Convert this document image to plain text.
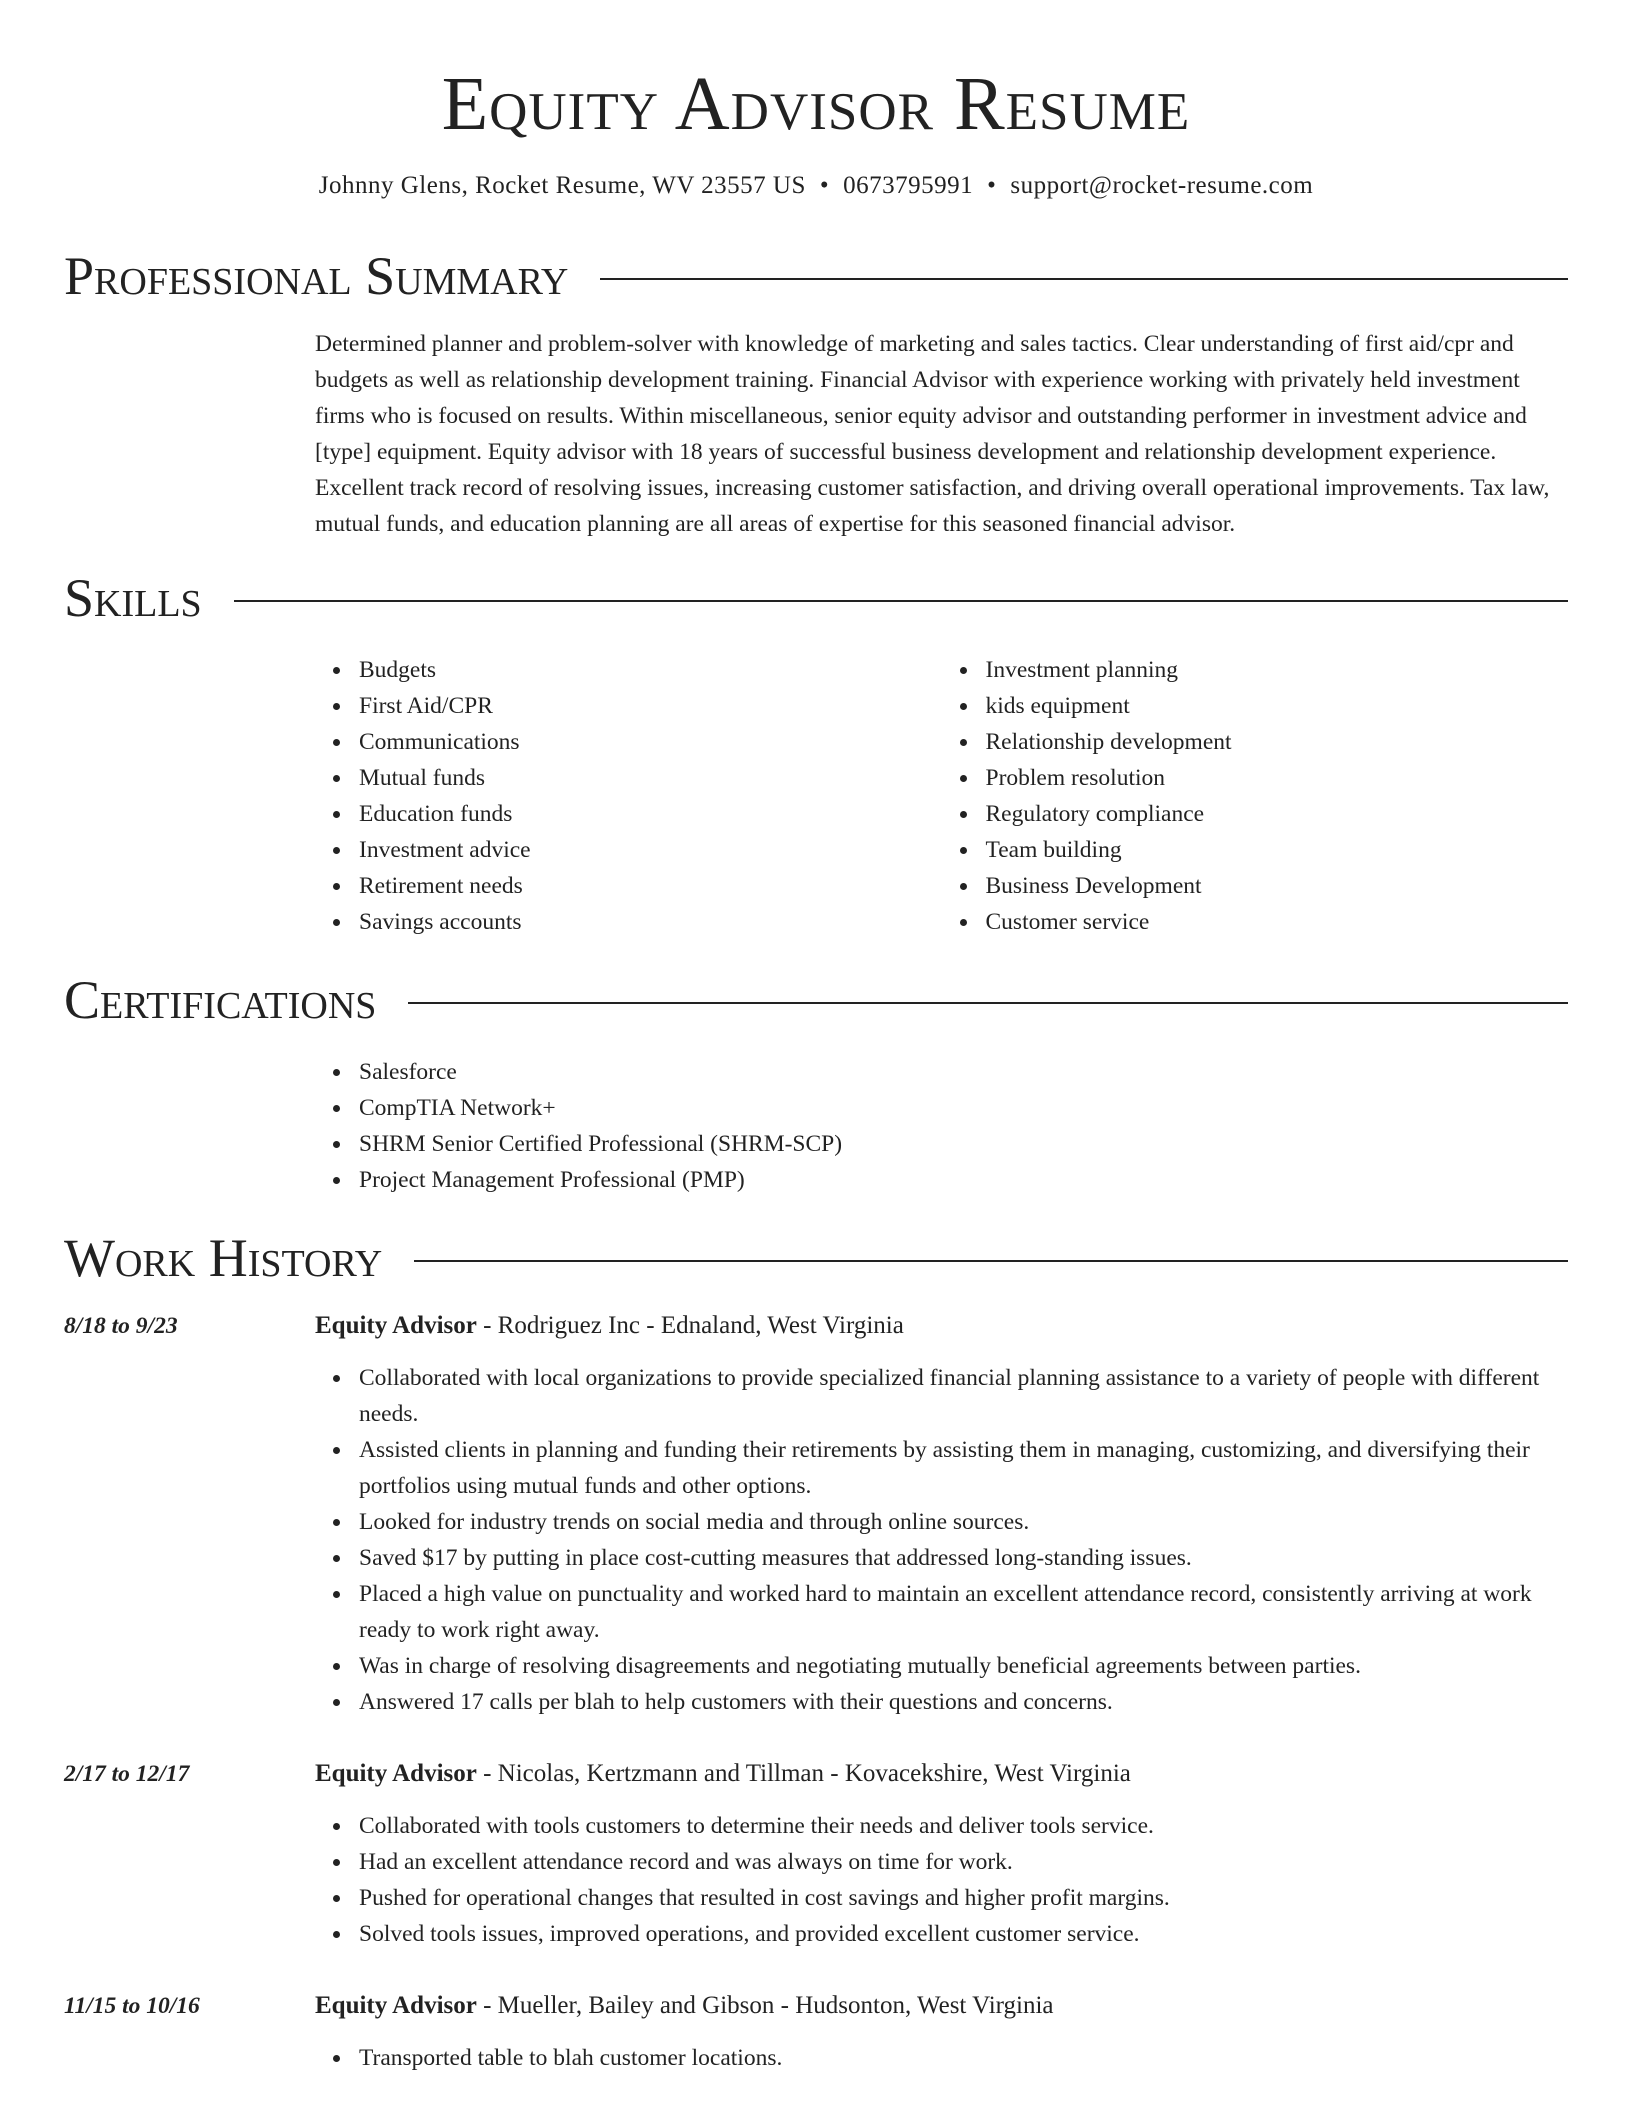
Equity Advisor Resume
Johnny Glens, Rocket Resume, WV 23557 US • 0673795991 • support@rocket-resume.com
Professional Summary

Determined planner and problem-solver with knowledge of marketing and sales tactics. Clear understanding of first aid/cpr and budgets as well as relationship development training. Financial Advisor with experience working with privately held investment firms who is focused on results. Within miscellaneous, senior equity advisor and outstanding performer in investment advice and [type] equipment. Equity advisor with 18 years of successful business development and relationship development experience. Excellent track record of resolving issues, increasing customer satisfaction, and driving overall operational improvements. Tax law, mutual funds, and education planning are all areas of expertise for this seasoned financial advisor.

Skills
Budgets
First Aid/CPR
Communications
Mutual funds
Education funds
Investment advice
Retirement needs
Savings accounts
Investment planning
kids equipment
Relationship development
Problem resolution
Regulatory compliance
Team building
Business Development
Customer service
Certifications
Salesforce
CompTIA Network+
SHRM Senior Certified Professional (SHRM-SCP)
Project Management Professional (PMP)
Work History
8/18 to 9/23	Equity Advisor - Rodriguez Inc - Ednaland, West Virginia
Collaborated with local organizations to provide specialized financial planning assistance to a variety of people with different needs.
Assisted clients in planning and funding their retirements by assisting them in managing, customizing, and diversifying their portfolios using mutual funds and other options.
Looked for industry trends on social media and through online sources.
Saved $17 by putting in place cost-cutting measures that addressed long-standing issues.
Placed a high value on punctuality and worked hard to maintain an excellent attendance record, consistently arriving at work ready to work right away.
Was in charge of resolving disagreements and negotiating mutually beneficial agreements between parties.
Answered 17 calls per blah to help customers with their questions and concerns.
2/17 to 12/17	Equity Advisor - Nicolas, Kertzmann and Tillman - Kovacekshire, West Virginia
Collaborated with tools customers to determine their needs and deliver tools service.
Had an excellent attendance record and was always on time for work.
Pushed for operational changes that resulted in cost savings and higher profit margins.
Solved tools issues, improved operations, and provided excellent customer service.
11/15 to 10/16	Equity Advisor - Mueller, Bailey and Gibson - Hudsonton, West Virginia
Transported table to blah customer locations.
